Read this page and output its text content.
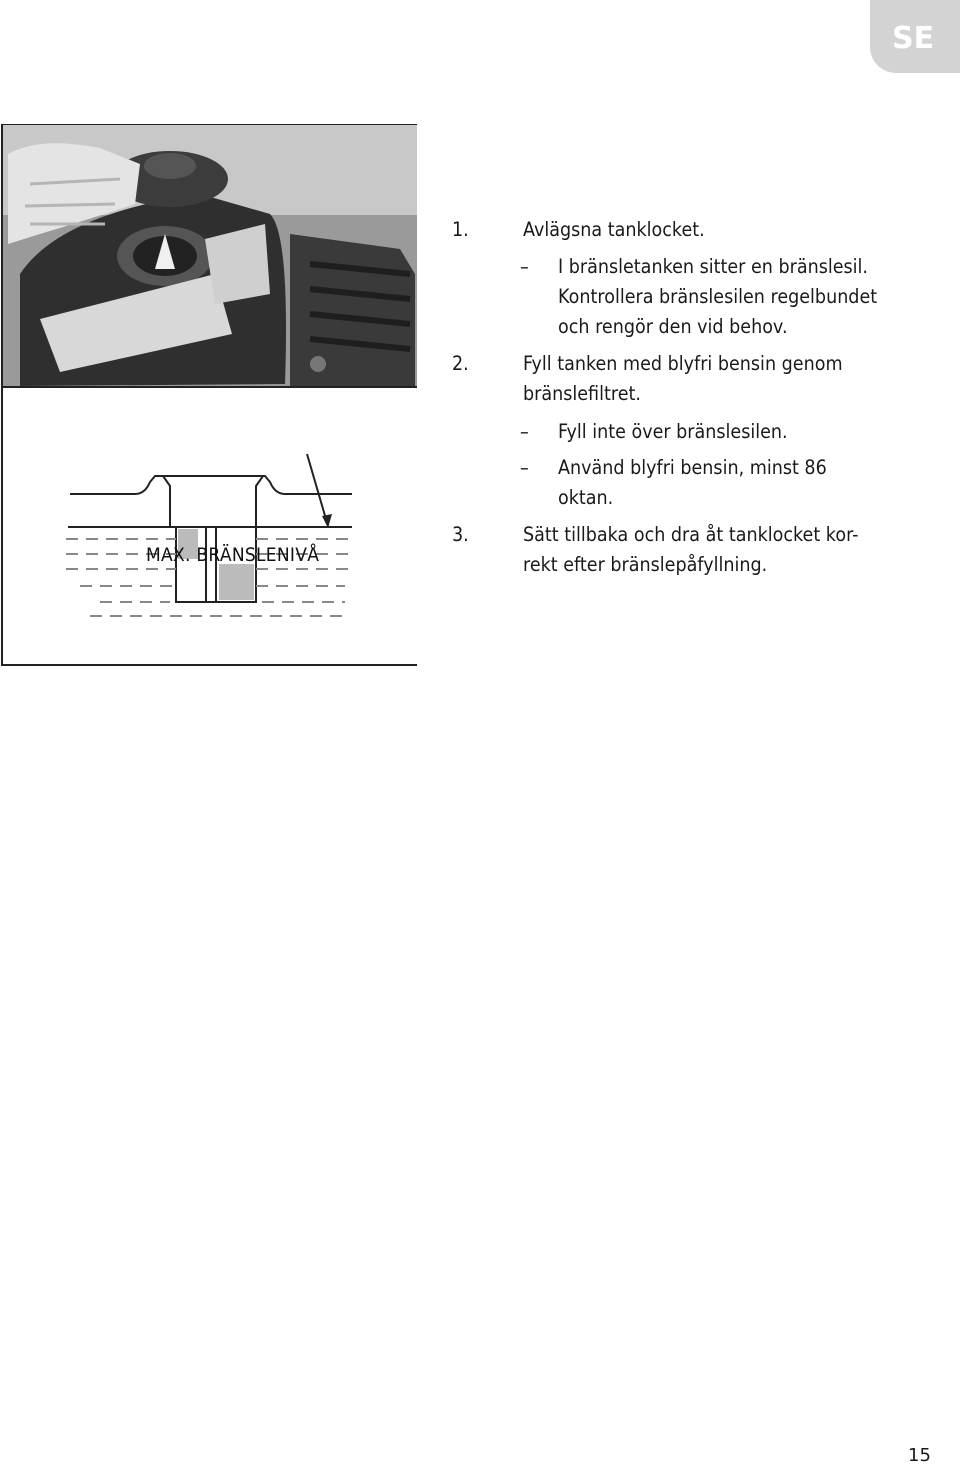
SE
MAX. BRÄNSLENIVÅ
1.	Avlägsna tanklocket.
– I bränsletanken sitter en bränslesil.
Kontrollera bränslesilen regelbundet
och rengör den vid behov.
2.	Fyll tanken med blyfri bensin genom
bränslefiltret.
– Fyll inte över bränslesilen.
– Använd blyfri bensin, minst 86
oktan.
3.	Sätt tillbaka och dra åt tanklocket kor-
rekt efter bränslepåfyllning.
15
